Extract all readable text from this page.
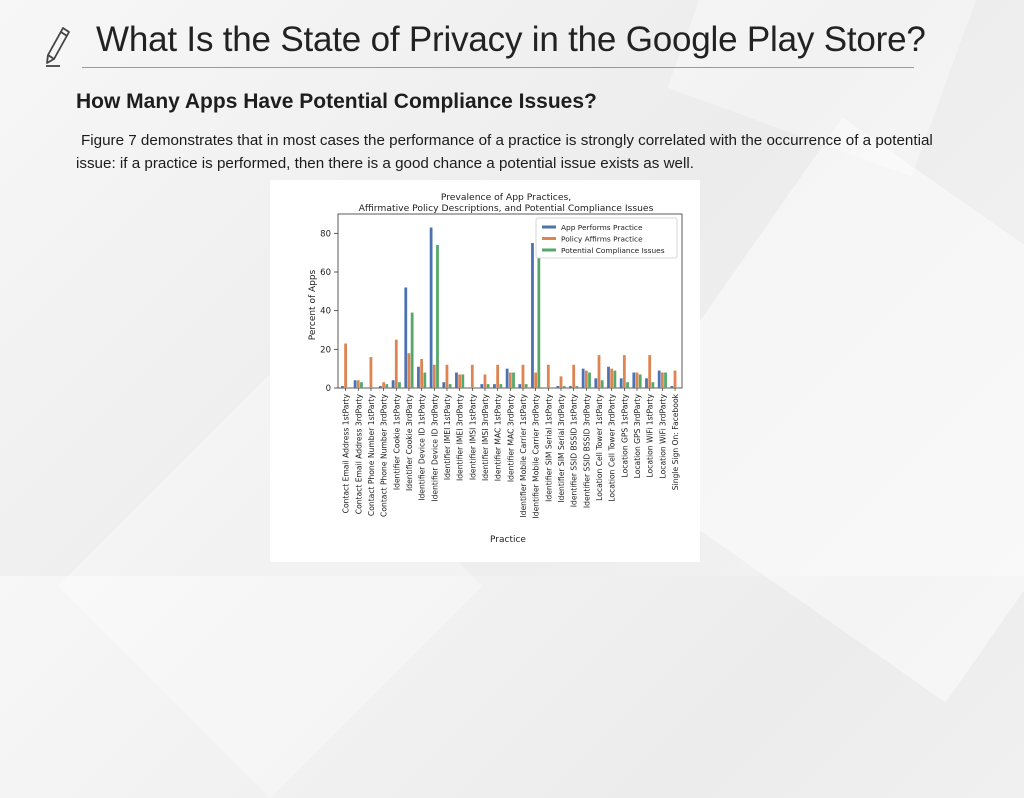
What Is the State of Privacy in the Google Play Store?
How Many Apps Have Potential Compliance Issues?

Figure 7 demonstrates that in most cases the performance of a practice is strongly correlated with the occurrence of a potential issue: if a practice is performed, then there is a good chance a potential issue exists as well.

Prevalence of App Practices,
Affirmative Policy Descriptions, and Potential Compliance Issues
0
20
40
60
80
Percent of Apps
Contact Email Address 1stParty Contact Email Address 3rdParty Contact Phone Number 1stParty Contact Phone Number 3rdParty Identifier Cookie 1stParty Identifier Cookie 3rdParty Identifier Device ID 1stParty Identifier Device ID 3rdParty Identifier IMEI 1stParty Identifier IMEI 3rdParty Identifier IMSI 1stParty Identifier IMSI 3rdParty Identifier MAC 1stParty Identifier MAC 3rdParty Identifier Mobile Carrier 1stParty Identifier Mobile Carrier 3rdParty Identifier SIM Serial 1stParty Identifier SIM Serial 3rdParty Identifier SSID BSSID 1stParty Identifier SSID BSSID 3rdParty Location Cell Tower 1stParty Location Cell Tower 3rdParty Location GPS 1stParty Location GPS 3rdParty Location WiFi 1stParty Location WiFi 3rdParty Single Sign On: Facebook
Practice
App Performs Practice
Policy Affirms Practice
Potential Compliance Issues
